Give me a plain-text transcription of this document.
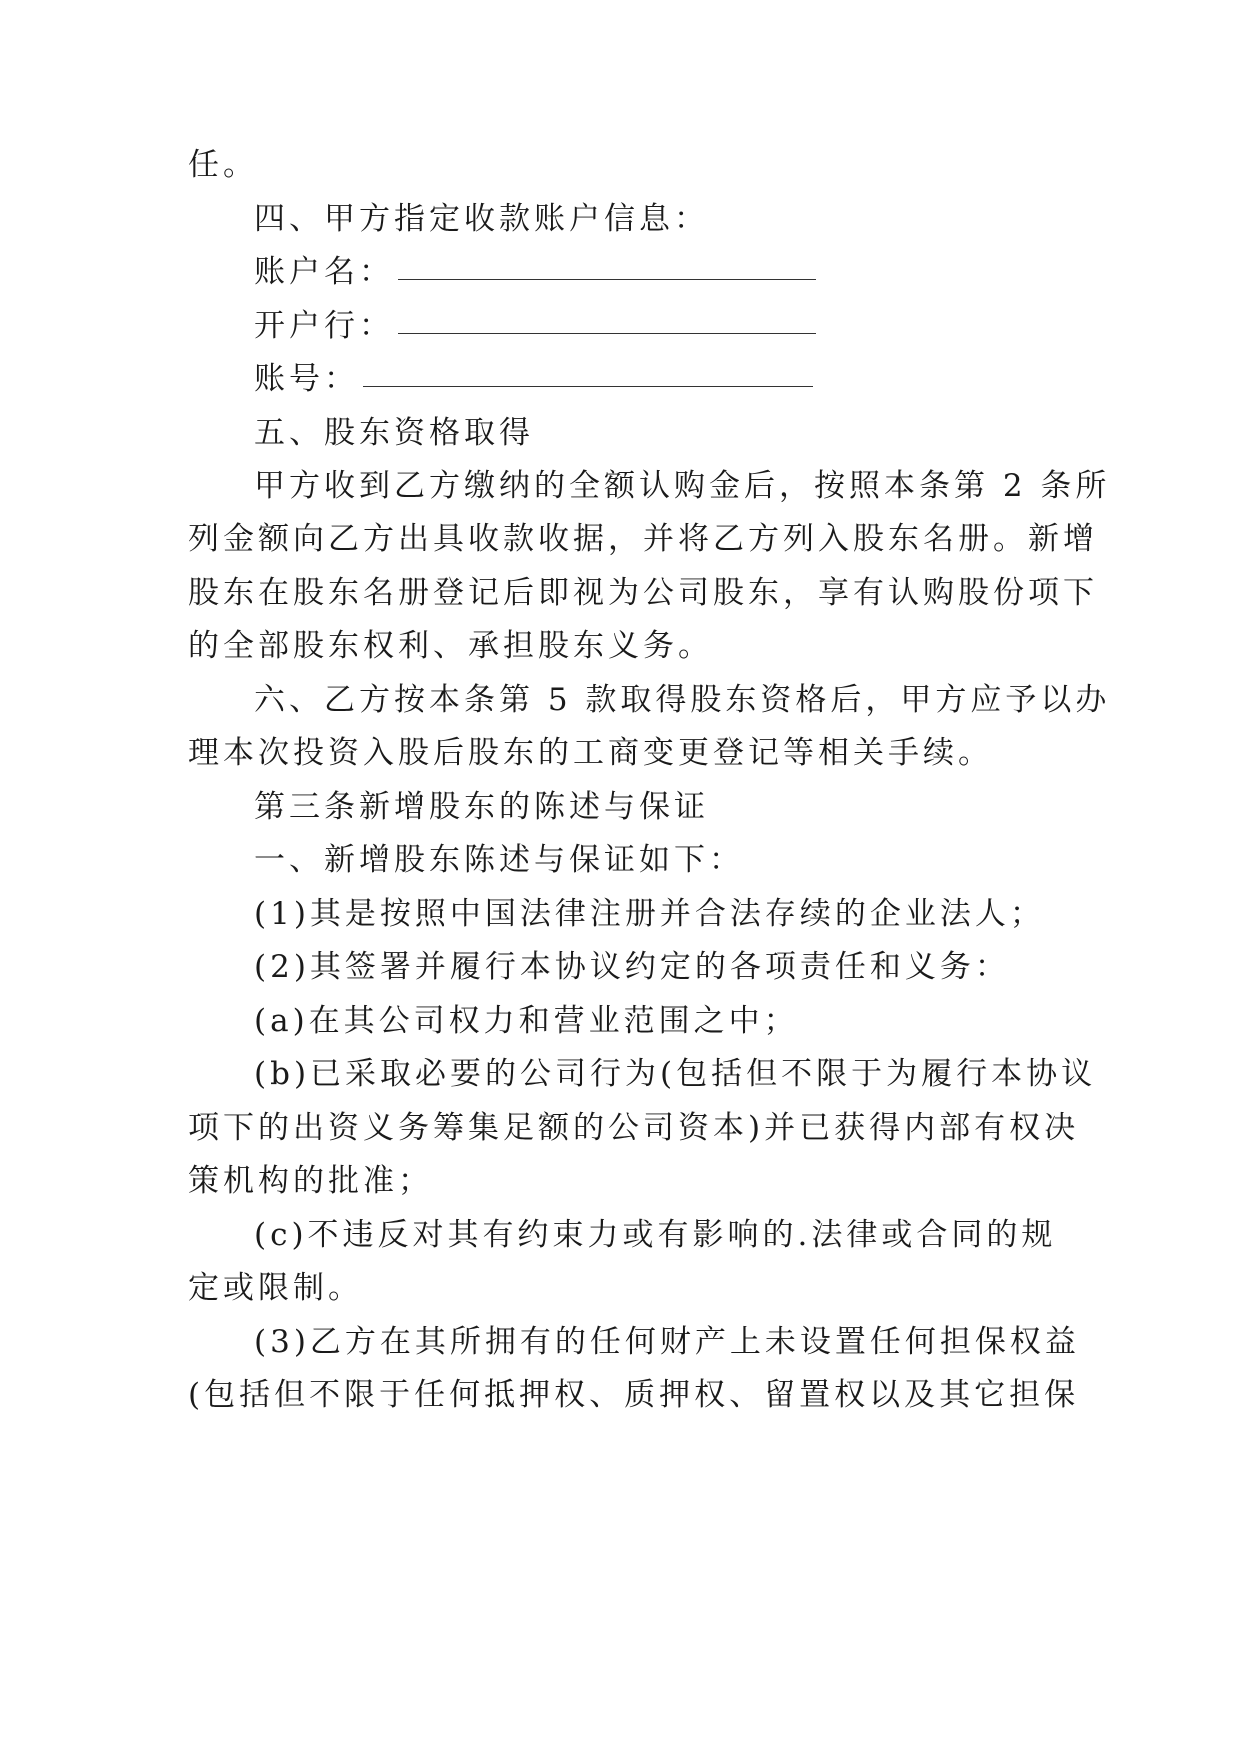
任。
四、甲方指定收款账户信息：
账户名：
开户行：
账号：
五、股东资格取得
甲方收到乙方缴纳的全额认购金后，按照本条第 2 条所
列金额向乙方出具收款收据，并将乙方列入股东名册。新增
股东在股东名册登记后即视为公司股东，享有认购股份项下
的全部股东权利、承担股东义务。
六、乙方按本条第 5 款取得股东资格后，甲方应予以办
理本次投资入股后股东的工商变更登记等相关手续。
第三条新增股东的陈述与保证
一、新增股东陈述与保证如下：
(1)其是按照中国法律注册并合法存续的企业法人；
(2)其签署并履行本协议约定的各项责任和义务：
(a)在其公司权力和营业范围之中；
(b)已采取必要的公司行为(包括但不限于为履行本协议
项下的出资义务筹集足额的公司资本)并已获得内部有权决
策机构的批准；
(c)不违反对其有约束力或有影响的.法律或合同的规
定或限制。
(3)乙方在其所拥有的任何财产上未设置任何担保权益
(包括但不限于任何抵押权、质押权、留置权以及其它担保
